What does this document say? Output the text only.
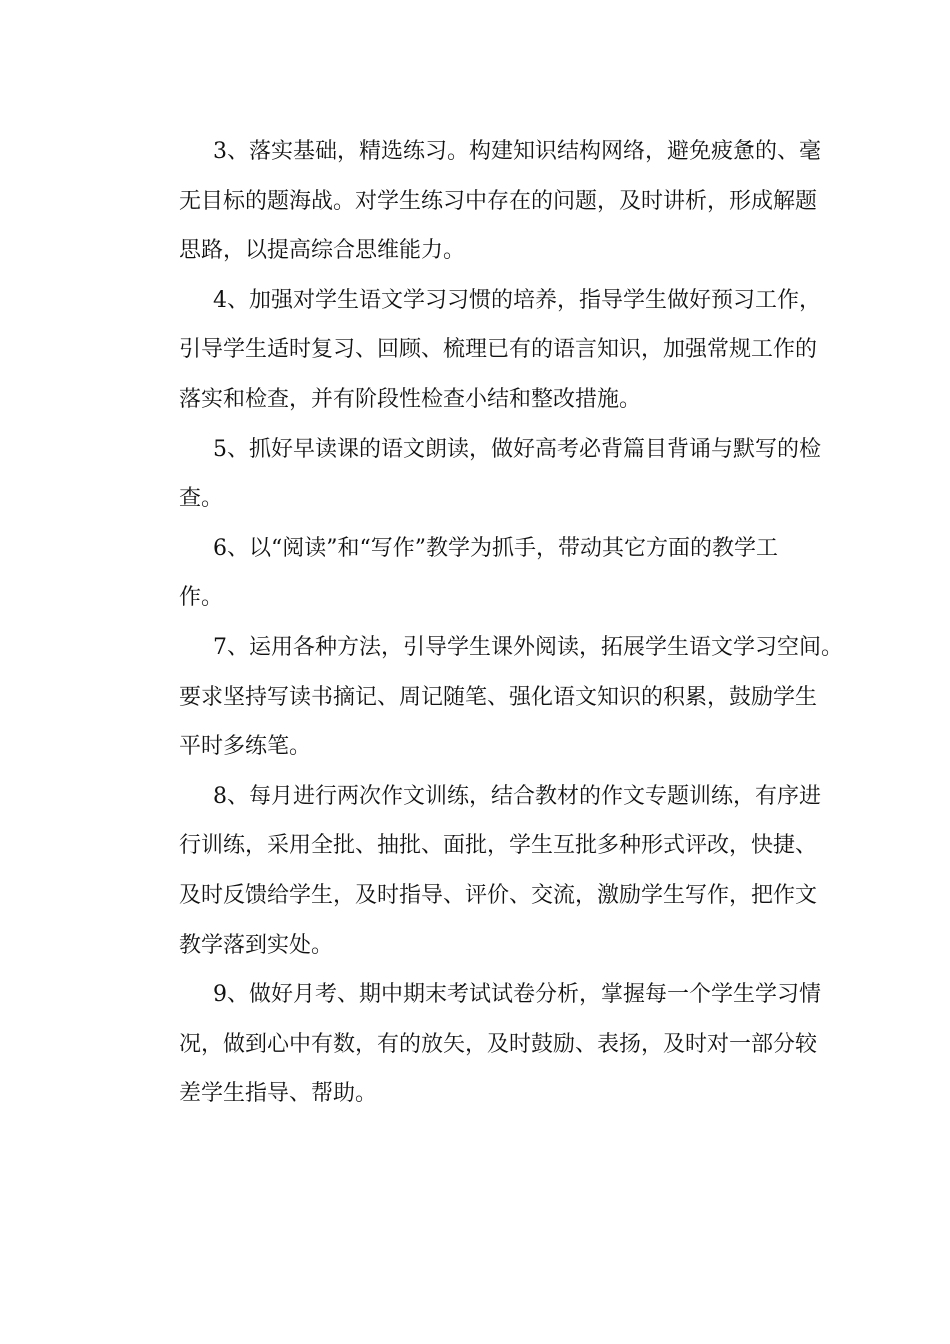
3、落实基础，精选练习。构建知识结构网络，避免疲惫的、毫
无目标的题海战。对学生练习中存在的问题，及时讲析，形成解题
思路，以提高综合思维能力。
4、加强对学生语文学习习惯的培养，指导学生做好预习工作，
引导学生适时复习、回顾、梳理已有的语言知识，加强常规工作的
落实和检查，并有阶段性检查小结和整改措施。
5、抓好早读课的语文朗读，做好高考必背篇目背诵与默写的检
查。
6、以“阅读”和“写作”教学为抓手，带动其它方面的教学工
作。
7、运用各种方法，引导学生课外阅读，拓展学生语文学习空间。
要求坚持写读书摘记、周记随笔、强化语文知识的积累，鼓励学生
平时多练笔。
8、每月进行两次作文训练，结合教材的作文专题训练，有序进
行训练，采用全批、抽批、面批，学生互批多种形式评改，快捷、
及时反馈给学生，及时指导、评价、交流，激励学生写作，把作文
教学落到实处。
9、做好月考、期中期末考试试卷分析，掌握每一个学生学习情
况，做到心中有数，有的放矢，及时鼓励、表扬，及时对一部分较
差学生指导、帮助。
